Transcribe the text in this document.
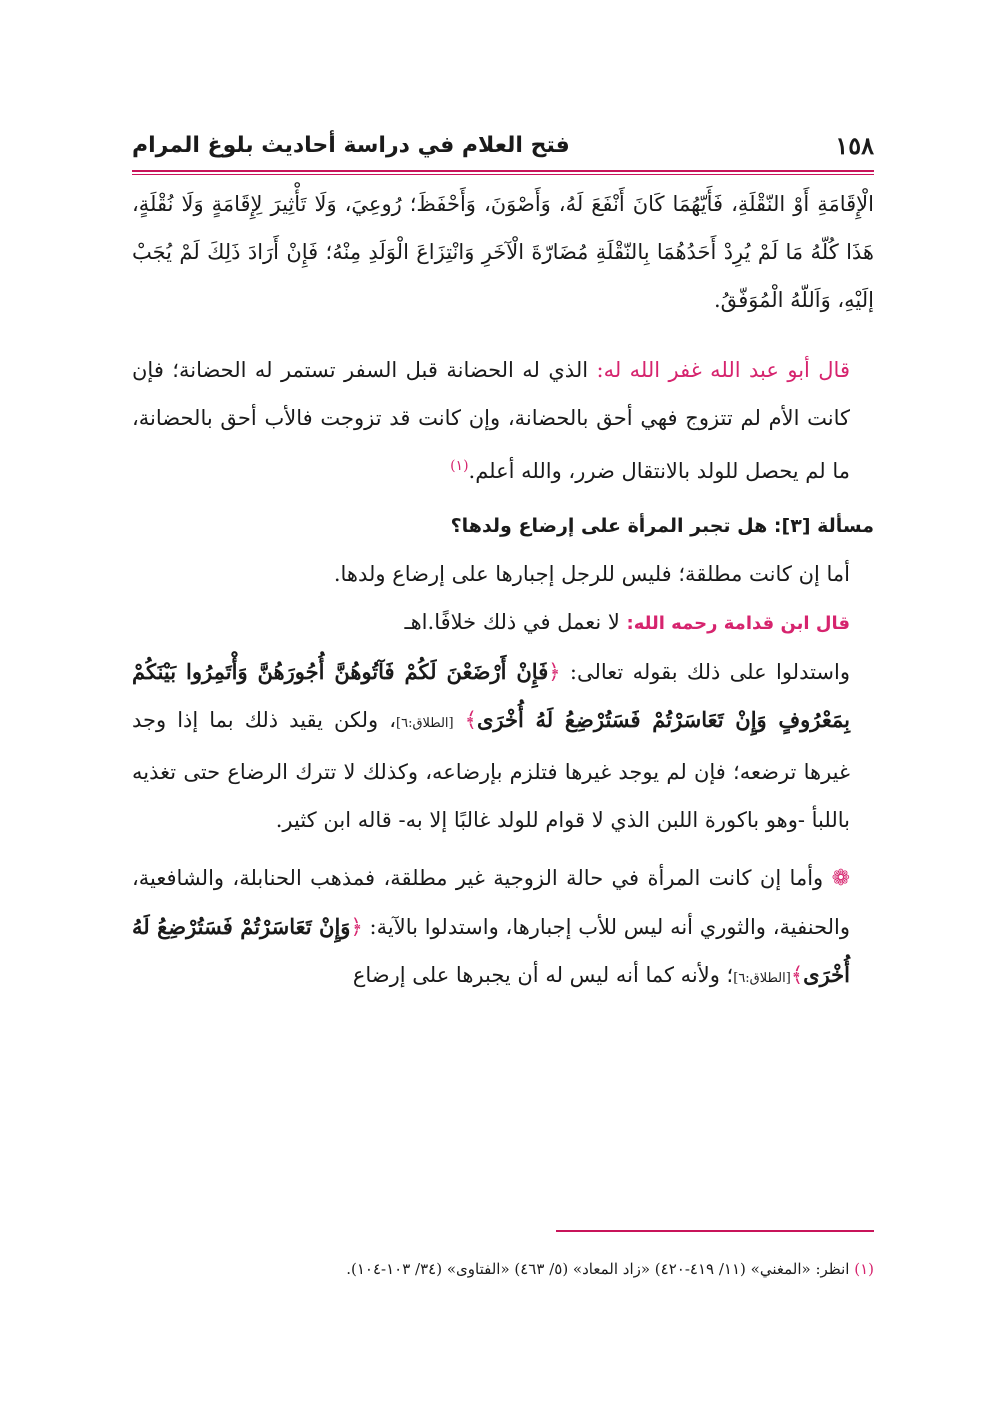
١٥٨
فتح العلام في دراسة أحاديث بلوغ المرام

الْإِقَامَةِ أَوْ النّقْلَةِ، فَأَيّهُمَا كَانَ أَنْفَعَ لَهُ، وَأَصْوَنَ، وَأَحْفَظَ؛ رُوعِيَ، وَلَا تَأْثِيرَ لِإِقَامَةٍ وَلَا نُقْلَةٍ، هَذَا كُلّهُ مَا لَمْ يُرِدْ أَحَدُهُمَا بِالنّقْلَةِ مُضَارّةَ الْآخَرِ وَانْتِزَاعَ الْوَلَدِ مِنْهُ؛ فَإِنْ أَرَادَ ذَلِكَ لَمْ يُجَبْ إلَيْهِ، وَاَللّهُ الْمُوَفّقُ.

قال أبو عبد الله غفر الله له: الذي له الحضانة قبل السفر تستمر له الحضانة؛ فإن كانت الأم لم تتزوج فهي أحق بالحضانة، وإن كانت قد تزوجت فالأب أحق بالحضانة، ما لم يحصل للولد بالانتقال ضرر، والله أعلم.$^{(١)}$

مسألة [٣]: هل تجبر المرأة على إرضاع ولدها؟

أما إن كانت مطلقة؛ فليس للرجل إجبارها على إرضاع ولدها.

قال ابن قدامة رحمه الله: لا نعمل في ذلك خلافًا.اهـ

واستدلوا على ذلك بقوله تعالى: ﴿فَإِنْ أَرْضَعْنَ لَكُمْ فَآتُوهُنَّ أُجُورَهُنَّ وَأْتَمِرُوا بَيْنَكُمْ بِمَعْرُوفٍ وَإِنْ تَعَاسَرْتُمْ فَسَتُرْضِعُ لَهُ أُخْرَى﴾ [الطلاق:٦]، ولكن يقيد ذلك بما إذا وجد غيرها ترضعه؛ فإن لم يوجد غيرها فتلزم بإرضاعه، وكذلك لا تترك الرضاع حتى تغذيه باللبأ -وهو باكورة اللبن الذي لا قوام للولد غالبًا إلا به- قاله ابن كثير.

❁ وأما إن كانت المرأة في حالة الزوجية غير مطلقة، فمذهب الحنابلة، والشافعية، والحنفية، والثوري أنه ليس للأب إجبارها، واستدلوا بالآية: ﴿وَإِنْ تَعَاسَرْتُمْ فَسَتُرْضِعُ لَهُ أُخْرَى﴾[الطلاق:٦]؛ ولأنه كما أنه ليس له أن يجبرها على إرضاع

(١) انظر: «المغني» (١١/ ٤١٩-٤٢٠) «زاد المعاد» (٥/ ٤٦٣) «الفتاوى» (٣٤/ ١٠٣-١٠٤).
